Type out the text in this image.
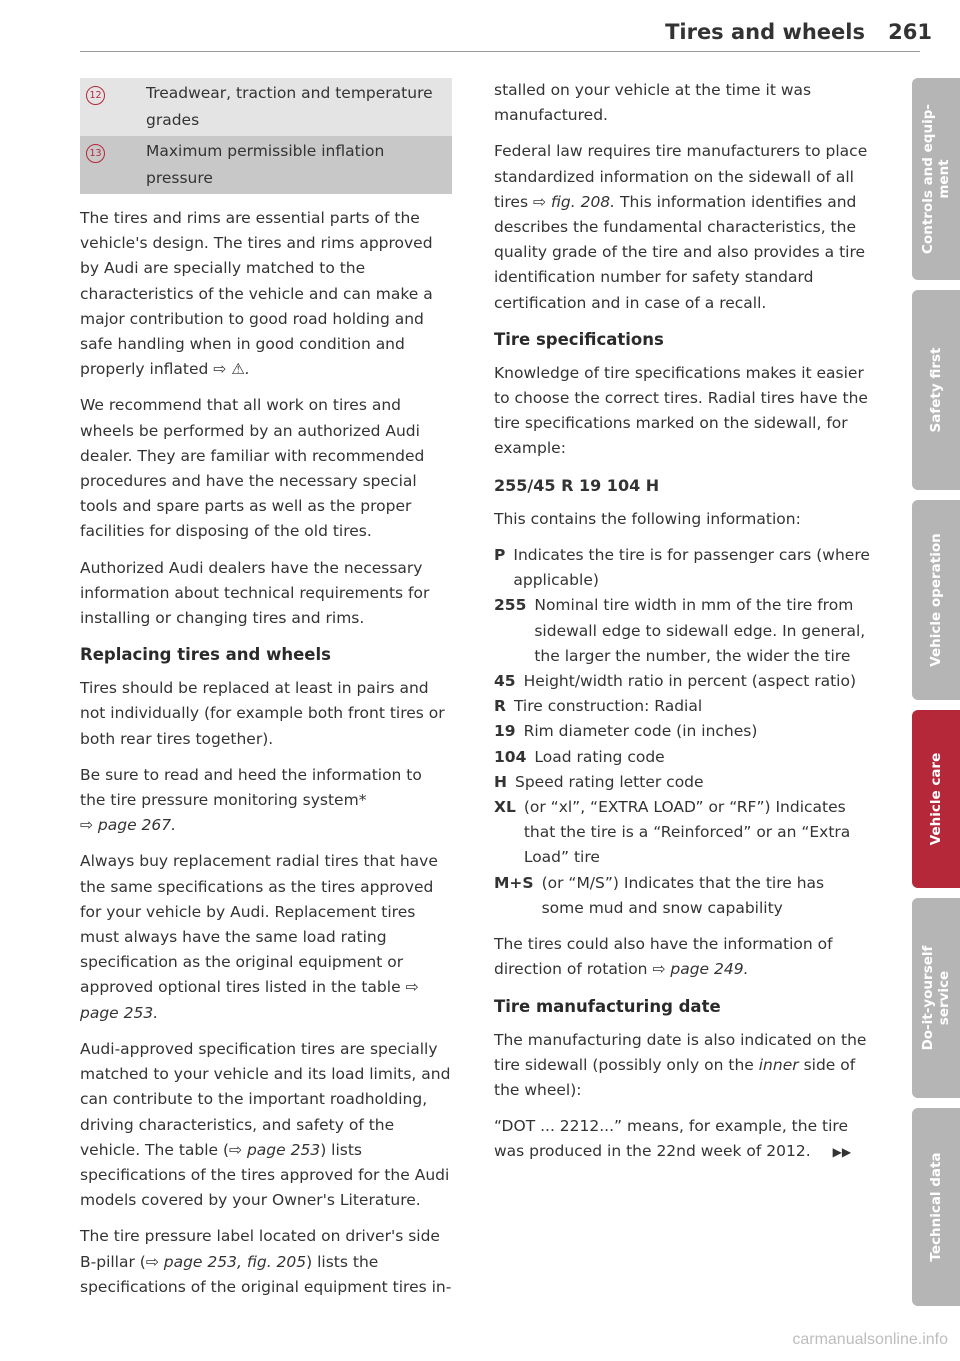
Tires and wheels 261
12	Treadwear, traction and temperature grades
13	Maximum permissible inflation pressure

The tires and rims are essential parts of the vehicle's design. The tires and rims approved by Audi are specially matched to the characteristics of the vehicle and can make a major contribution to good road holding and safe handling when in good condition and properly inflated ⇨ ⚠.

We recommend that all work on tires and wheels be performed by an authorized Audi dealer. They are familiar with recommended procedures and have the necessary special tools and spare parts as well as the proper facilities for disposing of the old tires.

Authorized Audi dealers have the necessary information about technical requirements for installing or changing tires and rims.

Replacing tires and wheels

Tires should be replaced at least in pairs and not individually (for example both front tires or both rear tires together).

Be sure to read and heed the information to the tire pressure monitoring system*
⇨ page 267.

Always buy replacement radial tires that have the same specifications as the tires approved for your vehicle by Audi. Replacement tires must always have the same load rating specification as the original equipment or approved optional tires listed in the table ⇨ page 253.

Audi-approved specification tires are specially matched to your vehicle and its load limits, and can contribute to the important roadholding, driving characteristics, and safety of the vehicle. The table (⇨ page 253) lists specifications of the tires approved for the Audi models covered by your Owner's Literature.

The tire pressure label located on driver's side B-pillar (⇨ page 253, fig. 205) lists the specifications of the original equipment tires in-

stalled on your vehicle at the time it was manufactured.

Federal law requires tire manufacturers to place standardized information on the sidewall of all tires ⇨ fig. 208. This information identifies and describes the fundamental characteristics, the quality grade of the tire and also provides a tire identification number for safety standard certification and in case of a recall.

Tire specifications

Knowledge of tire specifications makes it easier to choose the correct tires. Radial tires have the tire specifications marked on the sidewall, for example:

255/45 R 19 104 H

This contains the following information:

P Indicates the tire is for passenger cars (where applicable)
255 Nominal tire width in mm of the tire from sidewall edge to sidewall edge. In general, the larger the number, the wider the tire
45 Height/width ratio in percent (aspect ratio)
R Tire construction: Radial
19 Rim diameter code (in inches)
104 Load rating code
H Speed rating letter code
XL (or “xl”, “EXTRA LOAD” or “RF”) Indicates that the tire is a “Reinforced” or an “Extra Load” tire
M+S (or “M/S”) Indicates that the tire has some mud and snow capability

The tires could also have the information of direction of rotation ⇨ page 249.

Tire manufacturing date

The manufacturing date is also indicated on the tire sidewall (possibly only on the inner side of the wheel):

“DOT ... 2212...” means, for example, the tire was produced in the 22nd week of 2012. ▶▶

Controls and equip-
ment
Safety first
Vehicle operation
Vehicle care
Do-it-yourself
service
Technical data
carmanualsonline.info
